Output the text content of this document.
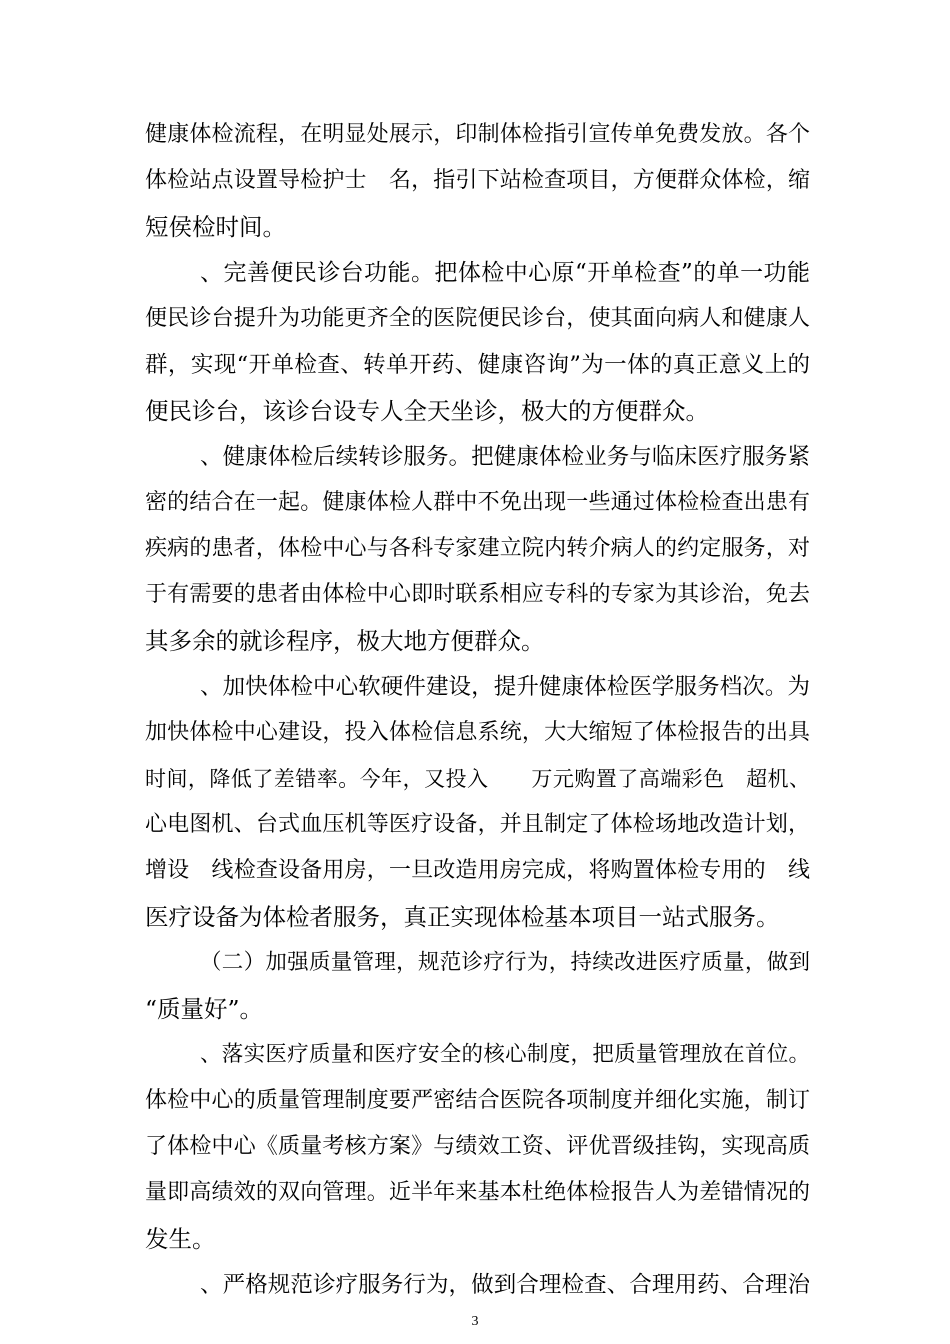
健康体检流程，在明显处展示，印制体检指引宣传单免费发放。各个
体检站点设置导检护士　名，指引下站检查项目，方便群众体检，缩
短侯检时间。
、完善便民诊台功能。把体检中心原“开单检查”的单一功能
便民诊台提升为功能更齐全的医院便民诊台，使其面向病人和健康人
群，实现“开单检查、转单开药、健康咨询”为一体的真正意义上的
便民诊台，该诊台设专人全天坐诊，极大的方便群众。
、健康体检后续转诊服务。把健康体检业务与临床医疗服务紧
密的结合在一起。健康体检人群中不免出现一些通过体检检查出患有
疾病的患者，体检中心与各科专家建立院内转介病人的约定服务，对
于有需要的患者由体检中心即时联系相应专科的专家为其诊治，免去
其多余的就诊程序，极大地方便群众。
、加快体检中心软硬件建设，提升健康体检医学服务档次。为
加快体检中心建设，投入体检信息系统，大大缩短了体检报告的出具
时间，降低了差错率。今年，又投入　　万元购置了高端彩色　超机、
心电图机、台式血压机等医疗设备，并且制定了体检场地改造计划，
增设　线检查设备用房，一旦改造用房完成，将购置体检专用的　线
医疗设备为体检者服务，真正实现体检基本项目一站式服务。
（二）加强质量管理，规范诊疗行为，持续改进医疗质量，做到
“质量好”。
、落实医疗质量和医疗安全的核心制度，把质量管理放在首位。
体检中心的质量管理制度要严密结合医院各项制度并细化实施，制订
了体检中心《质量考核方案》与绩效工资、评优晋级挂钩，实现高质
量即高绩效的双向管理。近半年来基本杜绝体检报告人为差错情况的
发生。
、严格规范诊疗服务行为，做到合理检查、合理用药、合理治
3
